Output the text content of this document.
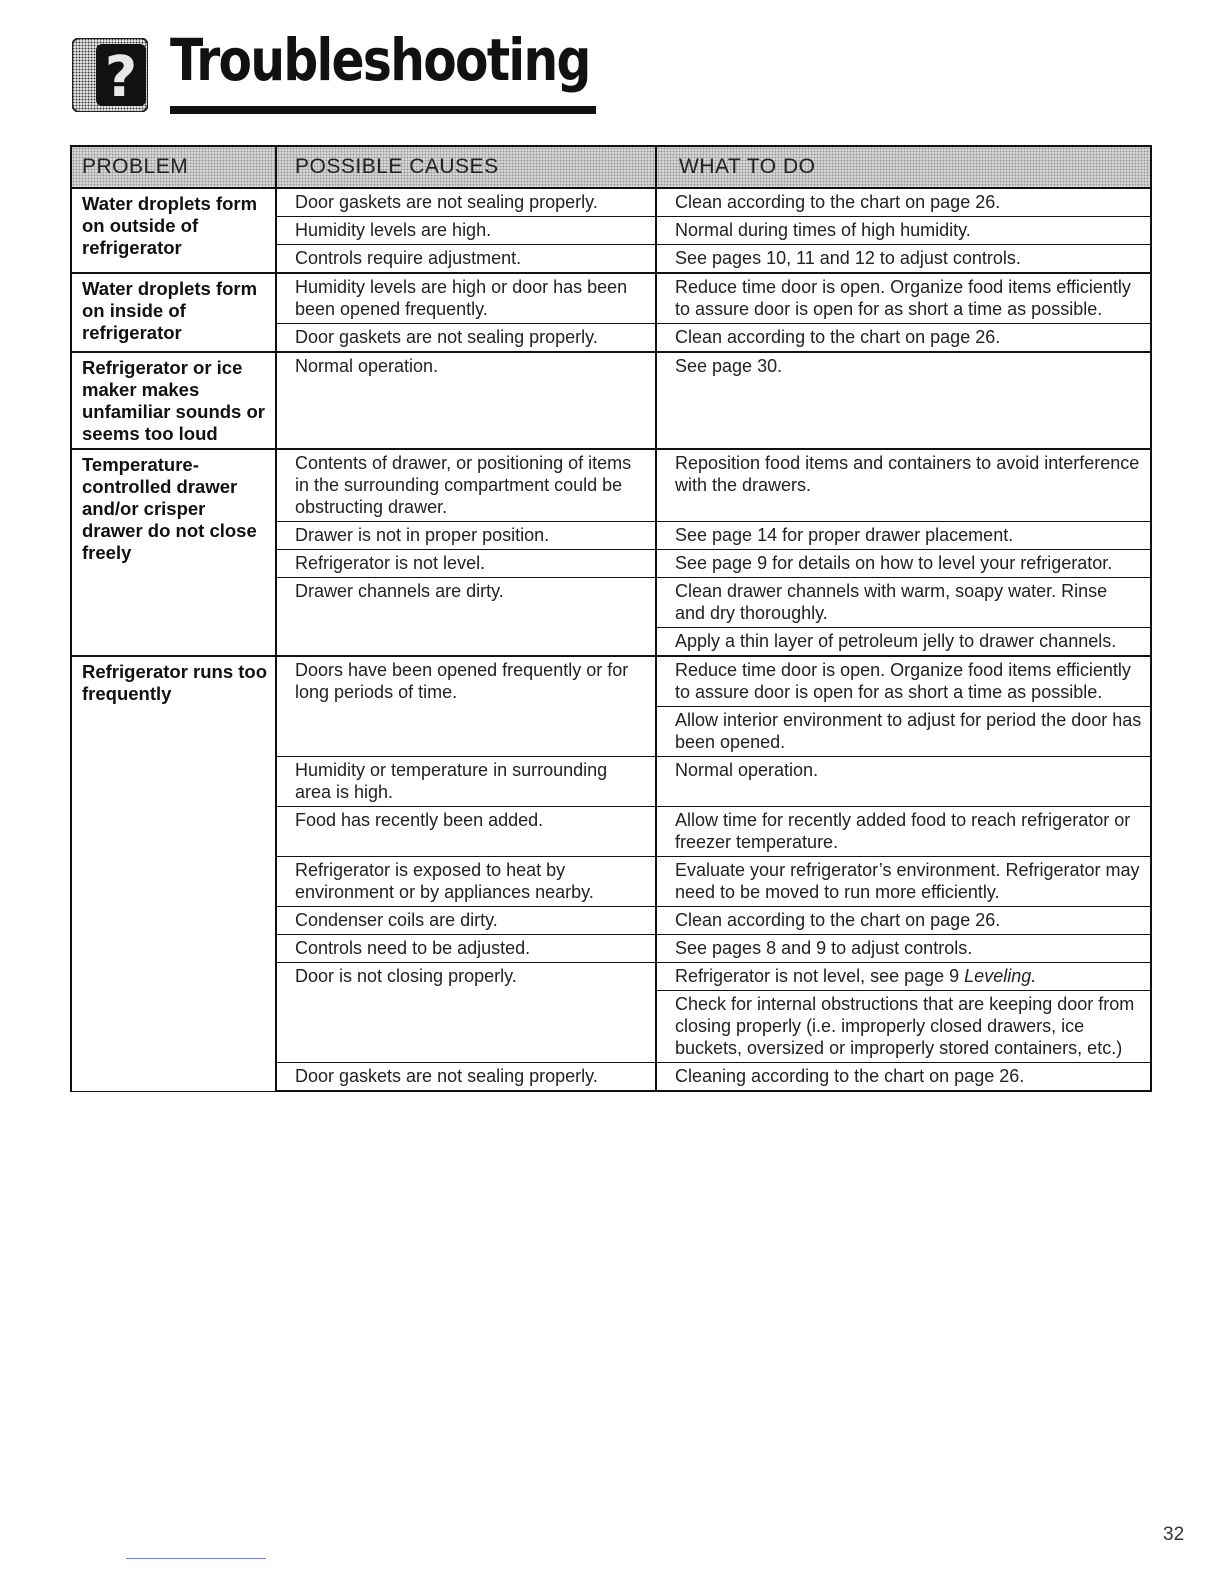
? Troubleshooting
PROBLEM	POSSIBLE CAUSES	WHAT TO DO
Water droplets form on outside of refrigerator	Door gaskets are not sealing properly.	Clean according to the chart on page 26.
	Humidity levels are high.	Normal during times of high humidity.
	Controls require adjustment.	See pages 10, 11 and 12 to adjust controls.
Water droplets form on inside of refrigerator	Humidity levels are high or door has been been opened frequently.	Reduce time door is open. Organize food items efficiently to assure door is open for as short a time as possible.
	Door gaskets are not sealing properly.	Clean according to the chart on page 26.
Refrigerator or ice maker makes unfamiliar sounds or seems too loud	Normal operation.	See page 30.
Temperature-controlled drawer and/or crisper drawer do not close freely	Contents of drawer, or positioning of items in the surrounding compartment could be obstructing drawer.	Reposition food items and containers to avoid interference with the drawers.
	Drawer is not in proper position.	See page 14 for proper drawer placement.
	Refrigerator is not level.	See page 9 for details on how to level your refrigerator.
	Drawer channels are dirty.	Clean drawer channels with warm, soapy water. Rinse and dry thoroughly.
		Apply a thin layer of petroleum jelly to drawer channels.
Refrigerator runs too frequently	Doors have been opened frequently or for long periods of time.	Reduce time door is open. Organize food items efficiently to assure door is open for as short a time as possible.
		Allow interior environment to adjust for period the door has been opened.
	Humidity or temperature in surrounding area is high.	Normal operation.
	Food has recently been added.	Allow time for recently added food to reach refrigerator or freezer temperature.
	Refrigerator is exposed to heat by environment or by appliances nearby.	Evaluate your refrigerator’s environment. Refrigerator may need to be moved to run more efficiently.
	Condenser coils are dirty.	Clean according to the chart on page 26.
	Controls need to be adjusted.	See pages 8 and 9 to adjust controls.
	Door is not closing properly.	Refrigerator is not level, see page 9 Leveling.
		Check for internal obstructions that are keeping door from closing properly (i.e. improperly closed drawers, ice buckets, oversized or improperly stored containers, etc.)
	Door gaskets are not sealing properly.	Cleaning according to the chart on page 26.
32
